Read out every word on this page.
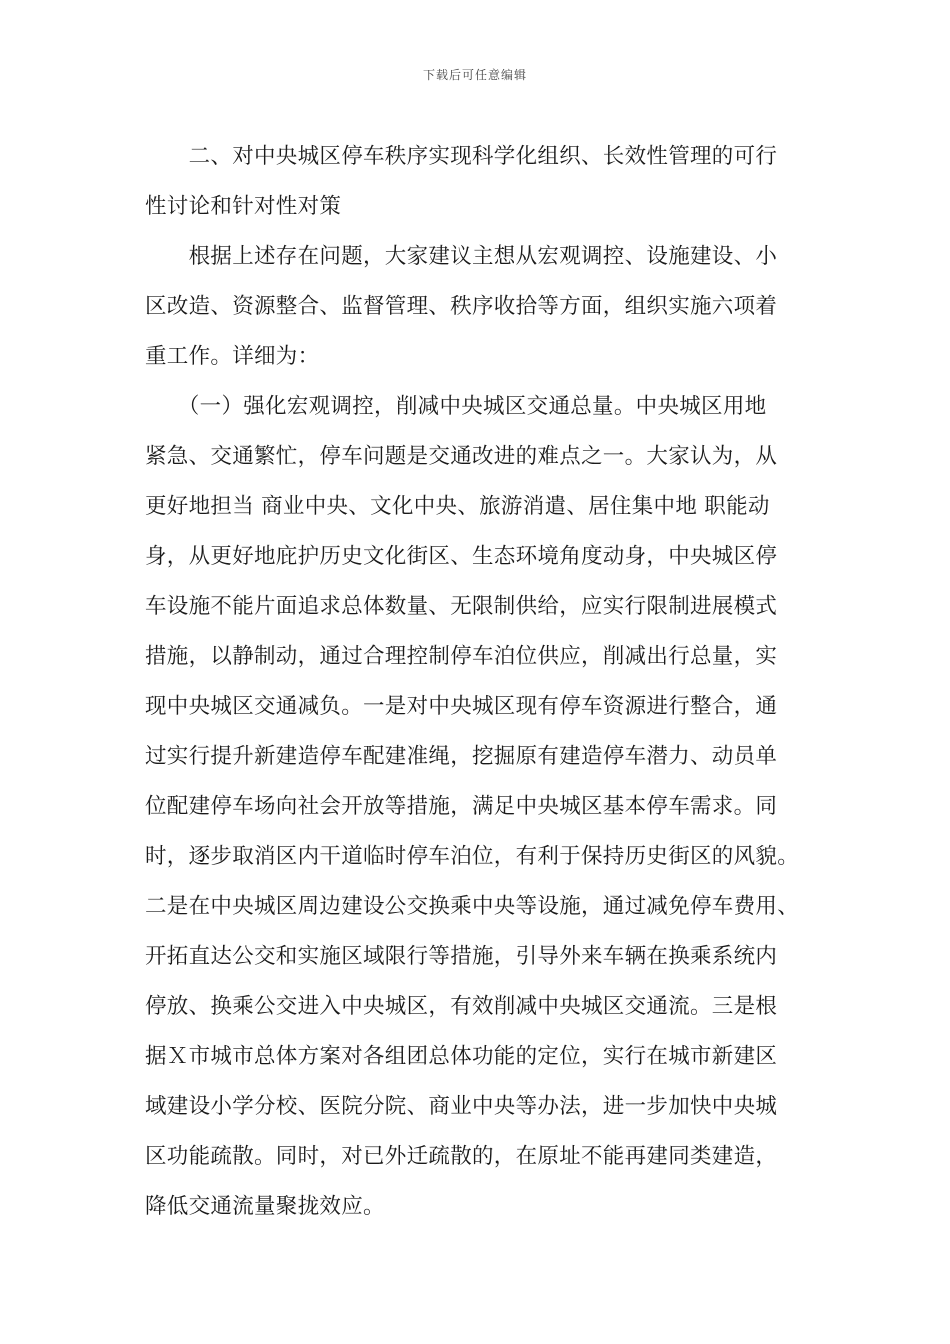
下载后可任意编辑
　　二、对中央城区停车秩序实现科学化组织、长效性管理的可行
性讨论和针对性对策
　　根据上述存在问题，大家建议主想从宏观调控、设施建设、小
区改造、资源整合、监督管理、秩序收拾等方面，组织实施六项着
重工作。详细为：
　　（一）强化宏观调控，削减中央城区交通总量。中央城区用地
紧急、交通繁忙，停车问题是交通改进的难点之一。大家认为，从
更好地担当 商业中央、文化中央、旅游消遣、居住集中地 职能动
身，从更好地庇护历史文化街区、生态环境角度动身，中央城区停
车设施不能片面追求总体数量、无限制供给，应实行限制进展模式
措施，以静制动，通过合理控制停车泊位供应，削减出行总量，实
现中央城区交通减负。一是对中央城区现有停车资源进行整合，通
过实行提升新建造停车配建准绳，挖掘原有建造停车潜力、动员单
位配建停车场向社会开放等措施，满足中央城区基本停车需求。同
时，逐步取消区内干道临时停车泊位，有利于保持历史街区的风貌。
二是在中央城区周边建设公交换乘中央等设施，通过减免停车费用、
开拓直达公交和实施区域限行等措施，引导外来车辆在换乘系统内
停放、换乘公交进入中央城区，有效削减中央城区交通流。三是根
据Ｘ市城市总体方案对各组团总体功能的定位，实行在城市新建区
域建设小学分校、医院分院、商业中央等办法，进一步加快中央城
区功能疏散。同时，对已外迁疏散的，在原址不能再建同类建造，
降低交通流量聚拢效应。
